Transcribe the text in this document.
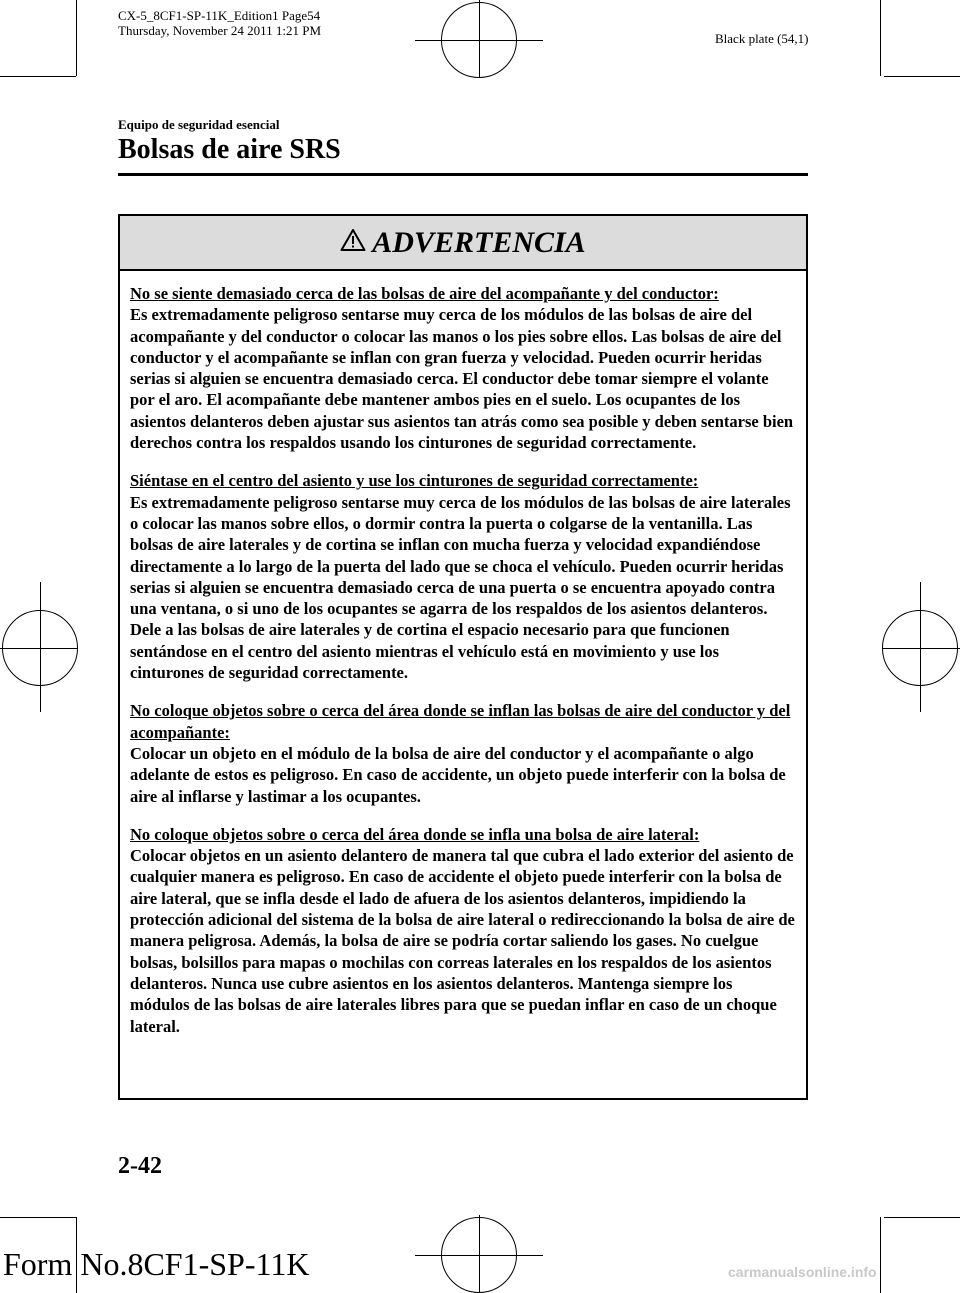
CX-5_8CF1-SP-11K_Edition1 Page54
Thursday, November 24 2011 1:21 PM
Black plate (54,1)
Equipo de seguridad esencial
Bolsas de aire SRS
ADVERTENCIA

No se siente demasiado cerca de las bolsas de aire del acompañante y del conductor:
Es extremadamente peligroso sentarse muy cerca de los módulos de las bolsas de aire del acompañante y del conductor o colocar las manos o los pies sobre ellos. Las bolsas de aire del conductor y el acompañante se inflan con gran fuerza y velocidad. Pueden ocurrir heridas serias si alguien se encuentra demasiado cerca. El conductor debe tomar siempre el volante por el aro. El acompañante debe mantener ambos pies en el suelo. Los ocupantes de los asientos delanteros deben ajustar sus asientos tan atrás como sea posible y deben sentarse bien derechos contra los respaldos usando los cinturones de seguridad correctamente.

Siéntase en el centro del asiento y use los cinturones de seguridad correctamente:
Es extremadamente peligroso sentarse muy cerca de los módulos de las bolsas de aire laterales o colocar las manos sobre ellos, o dormir contra la puerta o colgarse de la ventanilla. Las bolsas de aire laterales y de cortina se inflan con mucha fuerza y velocidad expandiéndose directamente a lo largo de la puerta del lado que se choca el vehículo. Pueden ocurrir heridas serias si alguien se encuentra demasiado cerca de una puerta o se encuentra apoyado contra una ventana, o si uno de los ocupantes se agarra de los respaldos de los asientos delanteros. Dele a las bolsas de aire laterales y de cortina el espacio necesario para que funcionen sentándose en el centro del asiento mientras el vehículo está en movimiento y use los cinturones de seguridad correctamente.

No coloque objetos sobre o cerca del área donde se inflan las bolsas de aire del conductor y del acompañante:
Colocar un objeto en el módulo de la bolsa de aire del conductor y el acompañante o algo adelante de estos es peligroso. En caso de accidente, un objeto puede interferir con la bolsa de aire al inflarse y lastimar a los ocupantes.

No coloque objetos sobre o cerca del área donde se infla una bolsa de aire lateral:
Colocar objetos en un asiento delantero de manera tal que cubra el lado exterior del asiento de cualquier manera es peligroso. En caso de accidente el objeto puede interferir con la bolsa de aire lateral, que se infla desde el lado de afuera de los asientos delanteros, impidiendo la protección adicional del sistema de la bolsa de aire lateral o redireccionando la bolsa de aire de manera peligrosa. Además, la bolsa de aire se podría cortar saliendo los gases. No cuelgue bolsas, bolsillos para mapas o mochilas con correas laterales en los respaldos de los asientos delanteros. Nunca use cubre asientos en los asientos delanteros. Mantenga siempre los módulos de las bolsas de aire laterales libres para que se puedan inflar en caso de un choque lateral.

2-42
Form No.8CF1-SP-11K	carmanualsonline.info
